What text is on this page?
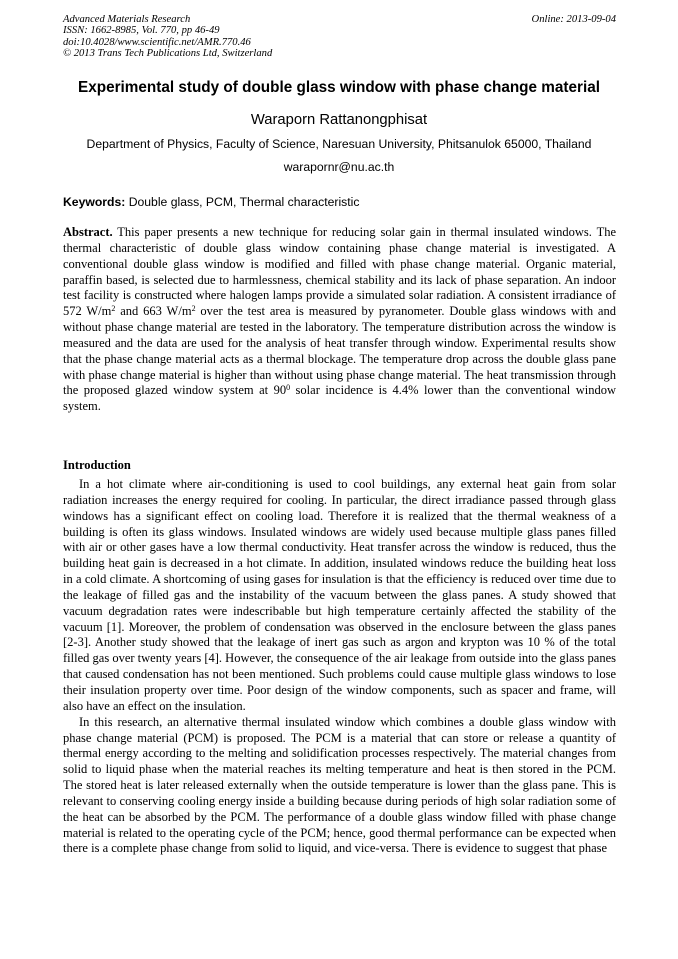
Advanced Materials Research
ISSN: 1662-8985, Vol. 770, pp 46-49
doi:10.4028/www.scientific.net/AMR.770.46
© 2013 Trans Tech Publications Ltd, Switzerland
Online: 2013-09-04
Experimental study of double glass window with phase change material
Waraporn Rattanongphisat
Department of Physics, Faculty of Science, Naresuan University, Phitsanulok 65000, Thailand
warapornr@nu.ac.th
Keywords: Double glass, PCM, Thermal characteristic
Abstract. This paper presents a new technique for reducing solar gain in thermal insulated windows. The thermal characteristic of double glass window containing phase change material is investigated. A conventional double glass window is modified and filled with phase change material. Organic material, paraffin based, is selected due to harmlessness, chemical stability and its lack of phase separation. An indoor test facility is constructed where halogen lamps provide a simulated solar radiation. A consistent irradiance of 572 $W/m^2$ and 663 $W/m^2$ over the test area is measured by pyranometer. Double glass windows with and without phase change material are tested in the laboratory. The temperature distribution across the window is measured and the data are used for the analysis of heat transfer through window. Experimental results show that the phase change material acts as a thermal blockage. The temperature drop across the double glass pane with phase change material is higher than without using phase change material. The heat transmission through the proposed glazed window system at $90^0$ solar incidence is 4.4% lower than the conventional window system.
Introduction

In a hot climate where air-conditioning is used to cool buildings, any external heat gain from solar radiation increases the energy required for cooling. In particular, the direct irradiance passed through glass windows has a significant effect on cooling load. Therefore it is realized that the thermal weakness of a building is often its glass windows. Insulated windows are widely used because multiple glass panes filled with air or other gases have a low thermal conductivity. Heat transfer across the window is reduced, thus the building heat gain is decreased in a hot climate. In addition, insulated windows reduce the building heat loss in a cold climate. A shortcoming of using gases for insulation is that the efficiency is reduced over time due to the leakage of filled gas and the instability of the vacuum between the glass panes. A study showed that vacuum degradation rates were indescribable but high temperature certainly affected the stability of the vacuum [1]. Moreover, the problem of condensation was observed in the enclosure between the glass panes [2-3]. Another study showed that the leakage of inert gas such as argon and krypton was 10 % of the total filled gas over twenty years [4]. However, the consequence of the air leakage from outside into the glass panes that caused condensation has not been mentioned. Such problems could cause multiple glass windows to lose their insulation property over time. Poor design of the window components, such as spacer and frame, will also have an effect on the insulation.

In this research, an alternative thermal insulated window which combines a double glass window with phase change material (PCM) is proposed. The PCM is a material that can store or release a quantity of thermal energy according to the melting and solidification processes respectively. The material changes from solid to liquid phase when the material reaches its melting temperature and heat is then stored in the PCM. The stored heat is later released externally when the outside temperature is lower than the glass pane. This is relevant to conserving cooling energy inside a building because during periods of high solar radiation some of the heat can be absorbed by the PCM. The performance of a double glass window filled with phase change material is related to the operating cycle of the PCM; hence, good thermal performance can be expected when there is a complete phase change from solid to liquid, and vice-versa. There is evidence to suggest that phase
